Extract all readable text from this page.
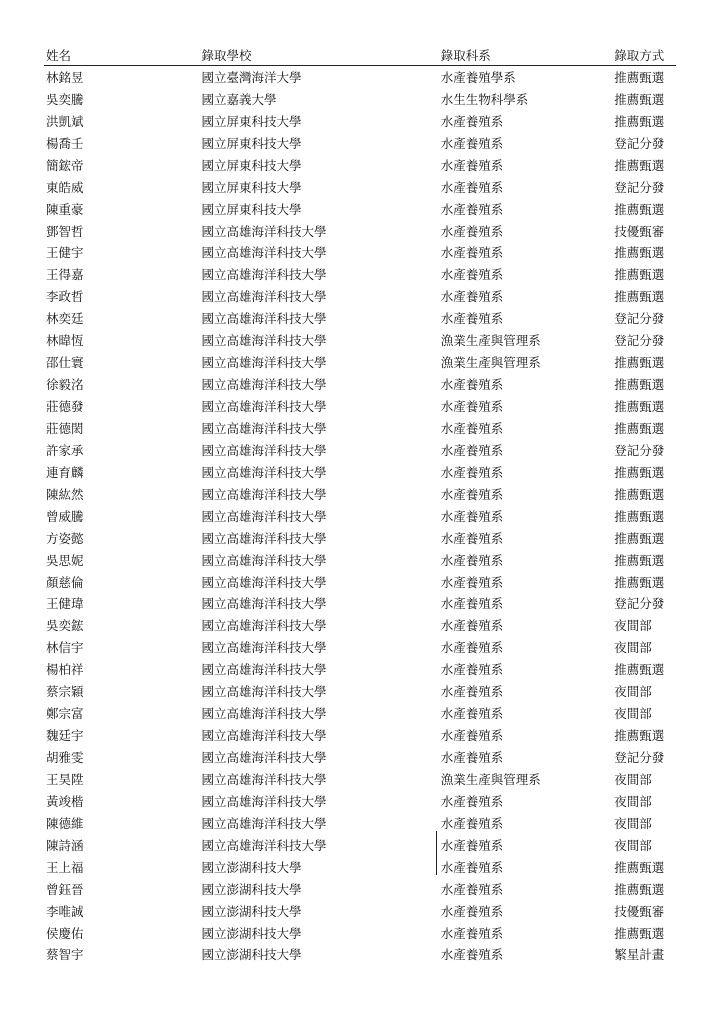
姓名	錄取學校	錄取科系	錄取方式
林銘昱	國立臺灣海洋大學	水產養殖學系	推薦甄選
吳奕騰	國立嘉義大學	水生生物科學系	推薦甄選
洪凱斌	國立屏東科技大學	水產養殖系	推薦甄選
楊喬壬	國立屏東科技大學	水產養殖系	登記分發
簡鋐帝	國立屏東科技大學	水產養殖系	推薦甄選
東皓威	國立屏東科技大學	水產養殖系	登記分發
陳重豪	國立屏東科技大學	水產養殖系	推薦甄選
鄧智哲	國立高雄海洋科技大學	水產養殖系	技優甄審
王健宇	國立高雄海洋科技大學	水產養殖系	推薦甄選
王得嘉	國立高雄海洋科技大學	水產養殖系	推薦甄選
李政哲	國立高雄海洋科技大學	水產養殖系	推薦甄選
林奕廷	國立高雄海洋科技大學	水產養殖系	登記分發
林暐恆	國立高雄海洋科技大學	漁業生產與管理系	登記分發
邵仕寰	國立高雄海洋科技大學	漁業生產與管理系	推薦甄選
徐毅洺	國立高雄海洋科技大學	水產養殖系	推薦甄選
莊德發	國立高雄海洋科技大學	水產養殖系	推薦甄選
莊德閎	國立高雄海洋科技大學	水產養殖系	推薦甄選
許家承	國立高雄海洋科技大學	水產養殖系	登記分發
連育麟	國立高雄海洋科技大學	水產養殖系	推薦甄選
陳紘然	國立高雄海洋科技大學	水產養殖系	推薦甄選
曾威騰	國立高雄海洋科技大學	水產養殖系	推薦甄選
方姿懿	國立高雄海洋科技大學	水產養殖系	推薦甄選
吳思妮	國立高雄海洋科技大學	水產養殖系	推薦甄選
顏慈倫	國立高雄海洋科技大學	水產養殖系	推薦甄選
王健瑋	國立高雄海洋科技大學	水產養殖系	登記分發
吳奕鋐	國立高雄海洋科技大學	水產養殖系	夜間部
林信宇	國立高雄海洋科技大學	水產養殖系	夜間部
楊柏祥	國立高雄海洋科技大學	水產養殖系	推薦甄選
蔡宗穎	國立高雄海洋科技大學	水產養殖系	夜間部
鄭宗富	國立高雄海洋科技大學	水產養殖系	夜間部
魏廷宇	國立高雄海洋科技大學	水產養殖系	推薦甄選
胡雅雯	國立高雄海洋科技大學	水產養殖系	登記分發
王昊陞	國立高雄海洋科技大學	漁業生產與管理系	夜間部
黃竣楷	國立高雄海洋科技大學	水產養殖系	夜間部
陳德維	國立高雄海洋科技大學	水產養殖系	夜間部
陳詩涵	國立高雄海洋科技大學	水產養殖系	夜間部
王上福	國立澎湖科技大學	水產養殖系	推薦甄選
曾鈺晉	國立澎湖科技大學	水產養殖系	推薦甄選
李唯誠	國立澎湖科技大學	水產養殖系	技優甄審
侯慶佑	國立澎湖科技大學	水產養殖系	推薦甄選
蔡智宇	國立澎湖科技大學	水產養殖系	繁星計畫
